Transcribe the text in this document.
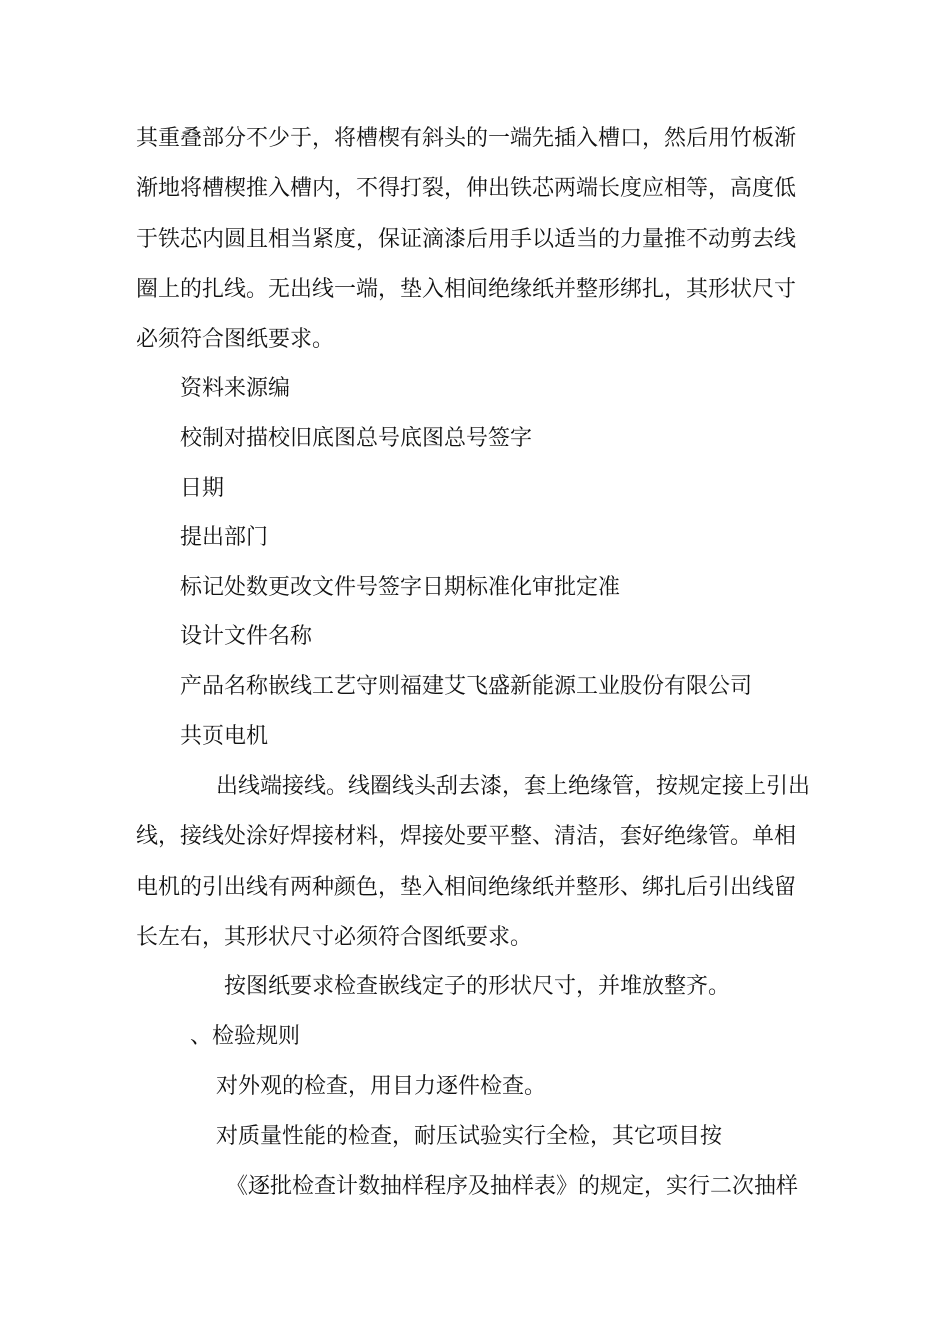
其重叠部分不少于，将槽楔有斜头的一端先插入槽口，然后用竹板渐
渐地将槽楔推入槽内，不得打裂，伸出铁芯两端长度应相等，高度低
于铁芯内圆且相当紧度，保证滴漆后用手以适当的力量推不动剪去线
圈上的扎线。无出线一端，垫入相间绝缘纸并整形绑扎，其形状尺寸
必须符合图纸要求。
资料来源编
校制对描校旧底图总号底图总号签字
日期
提出部门
标记处数更改文件号签字日期标准化审批定准
设计文件名称
产品名称嵌线工艺守则福建艾飞盛新能源工业股份有限公司
共页电机
出线端接线。线圈线头刮去漆，套上绝缘管，按规定接上引出
线，接线处涂好焊接材料，焊接处要平整、清洁，套好绝缘管。单相
电机的引出线有两种颜色，垫入相间绝缘纸并整形、绑扎后引出线留
长左右，其形状尺寸必须符合图纸要求。
按图纸要求检查嵌线定子的形状尺寸，并堆放整齐。
、检验规则
对外观的检查，用目力逐件检查。
对质量性能的检查，耐压试验实行全检，其它项目按
《逐批检查计数抽样程序及抽样表》的规定，实行二次抽样
